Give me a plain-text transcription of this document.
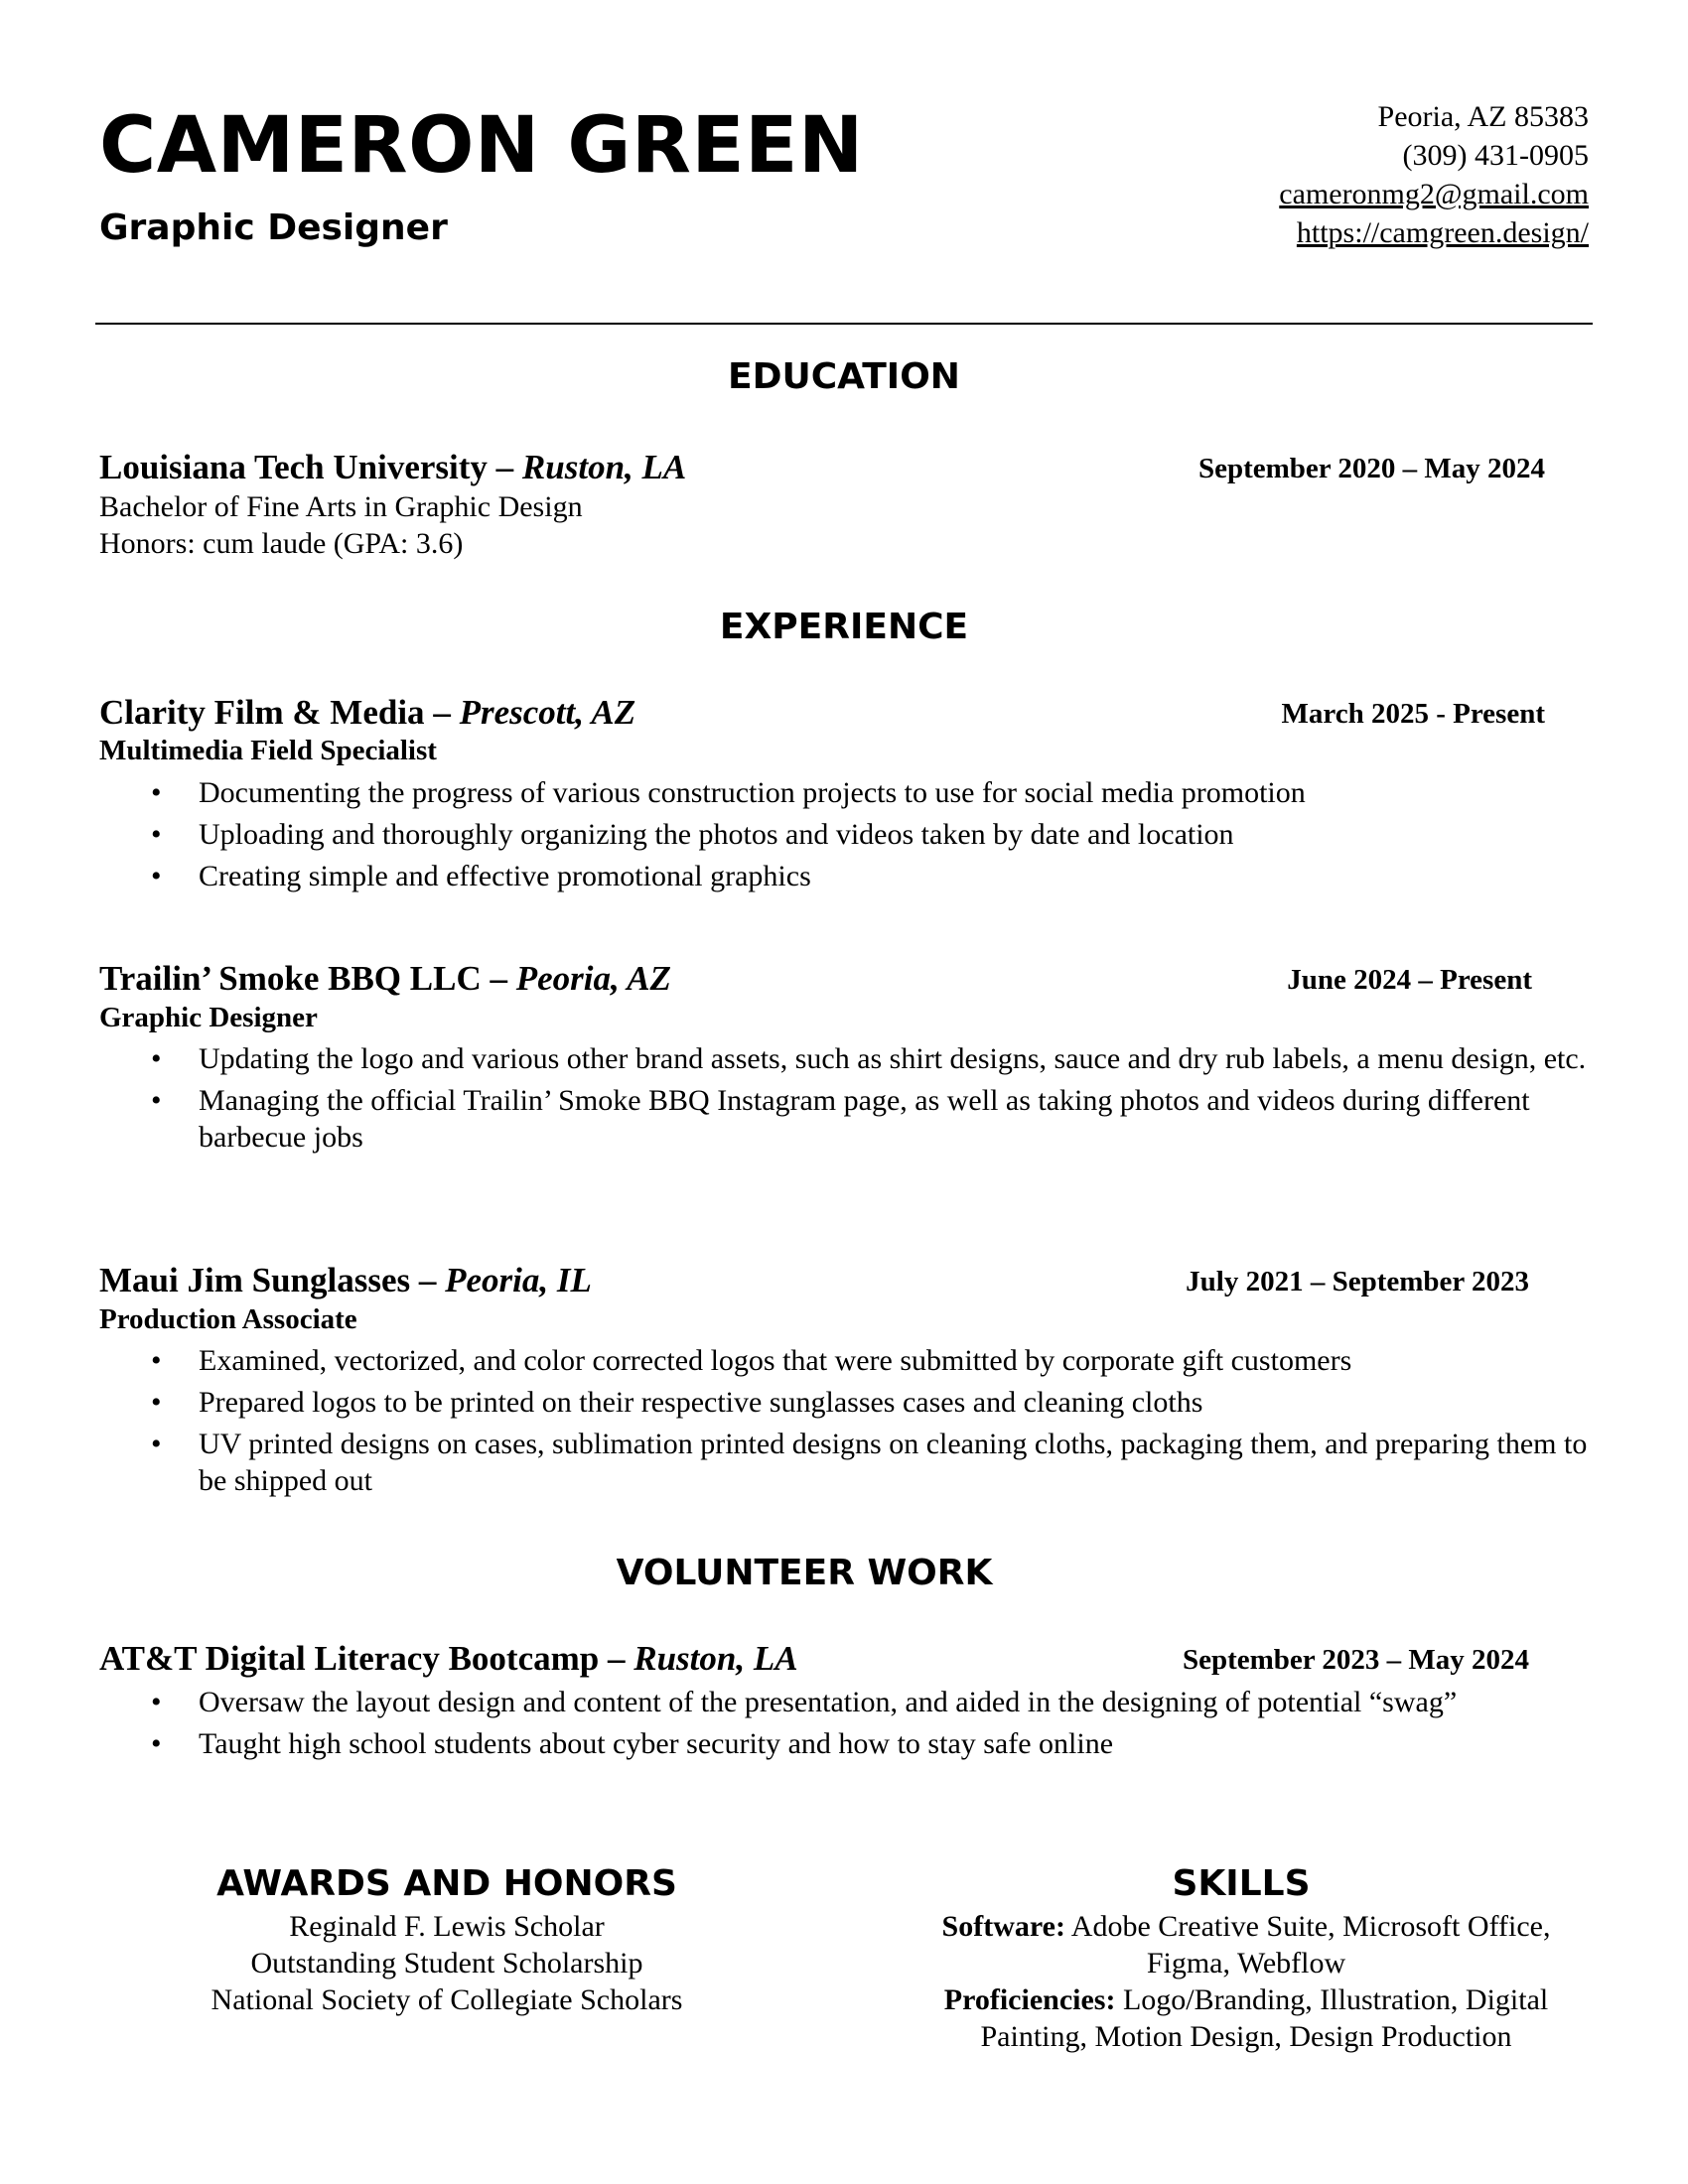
CAMERON GREEN
Graphic Designer
Peoria, AZ 85383
(309) 431-0905
cameronmg2@gmail.com
https://camgreen.design/
EDUCATION
Louisiana Tech University – Ruston, LA	September 2020 – May 2024
Bachelor of Fine Arts in Graphic Design
Honors: cum laude (GPA: 3.6)
EXPERIENCE
Clarity Film & Media – Prescott, AZ	March 2025 - Present
Multimedia Field Specialist
• Documenting the progress of various construction projects to use for social media promotion
• Uploading and thoroughly organizing the photos and videos taken by date and location
• Creating simple and effective promotional graphics
Trailin’ Smoke BBQ LLC – Peoria, AZ	June 2024 – Present
Graphic Designer
• Updating the logo and various other brand assets, such as shirt designs, sauce and dry rub labels, a menu design, etc.
• Managing the official Trailin’ Smoke BBQ Instagram page, as well as taking photos and videos during different barbecue jobs
Maui Jim Sunglasses – Peoria, IL	July 2021 – September 2023
Production Associate
• Examined, vectorized, and color corrected logos that were submitted by corporate gift customers
• Prepared logos to be printed on their respective sunglasses cases and cleaning cloths
• UV printed designs on cases, sublimation printed designs on cleaning cloths, packaging them, and preparing them to be shipped out
VOLUNTEER WORK
AT&T Digital Literacy Bootcamp – Ruston, LA	September 2023 – May 2024
• Oversaw the layout design and content of the presentation, and aided in the designing of potential “swag”
• Taught high school students about cyber security and how to stay safe online
AWARDS AND HONORS
Reginald F. Lewis Scholar
Outstanding Student Scholarship
National Society of Collegiate Scholars
SKILLS
Software: Adobe Creative Suite, Microsoft Office, Figma, Webflow
Proficiencies: Logo/Branding, Illustration, Digital Painting, Motion Design, Design Production
